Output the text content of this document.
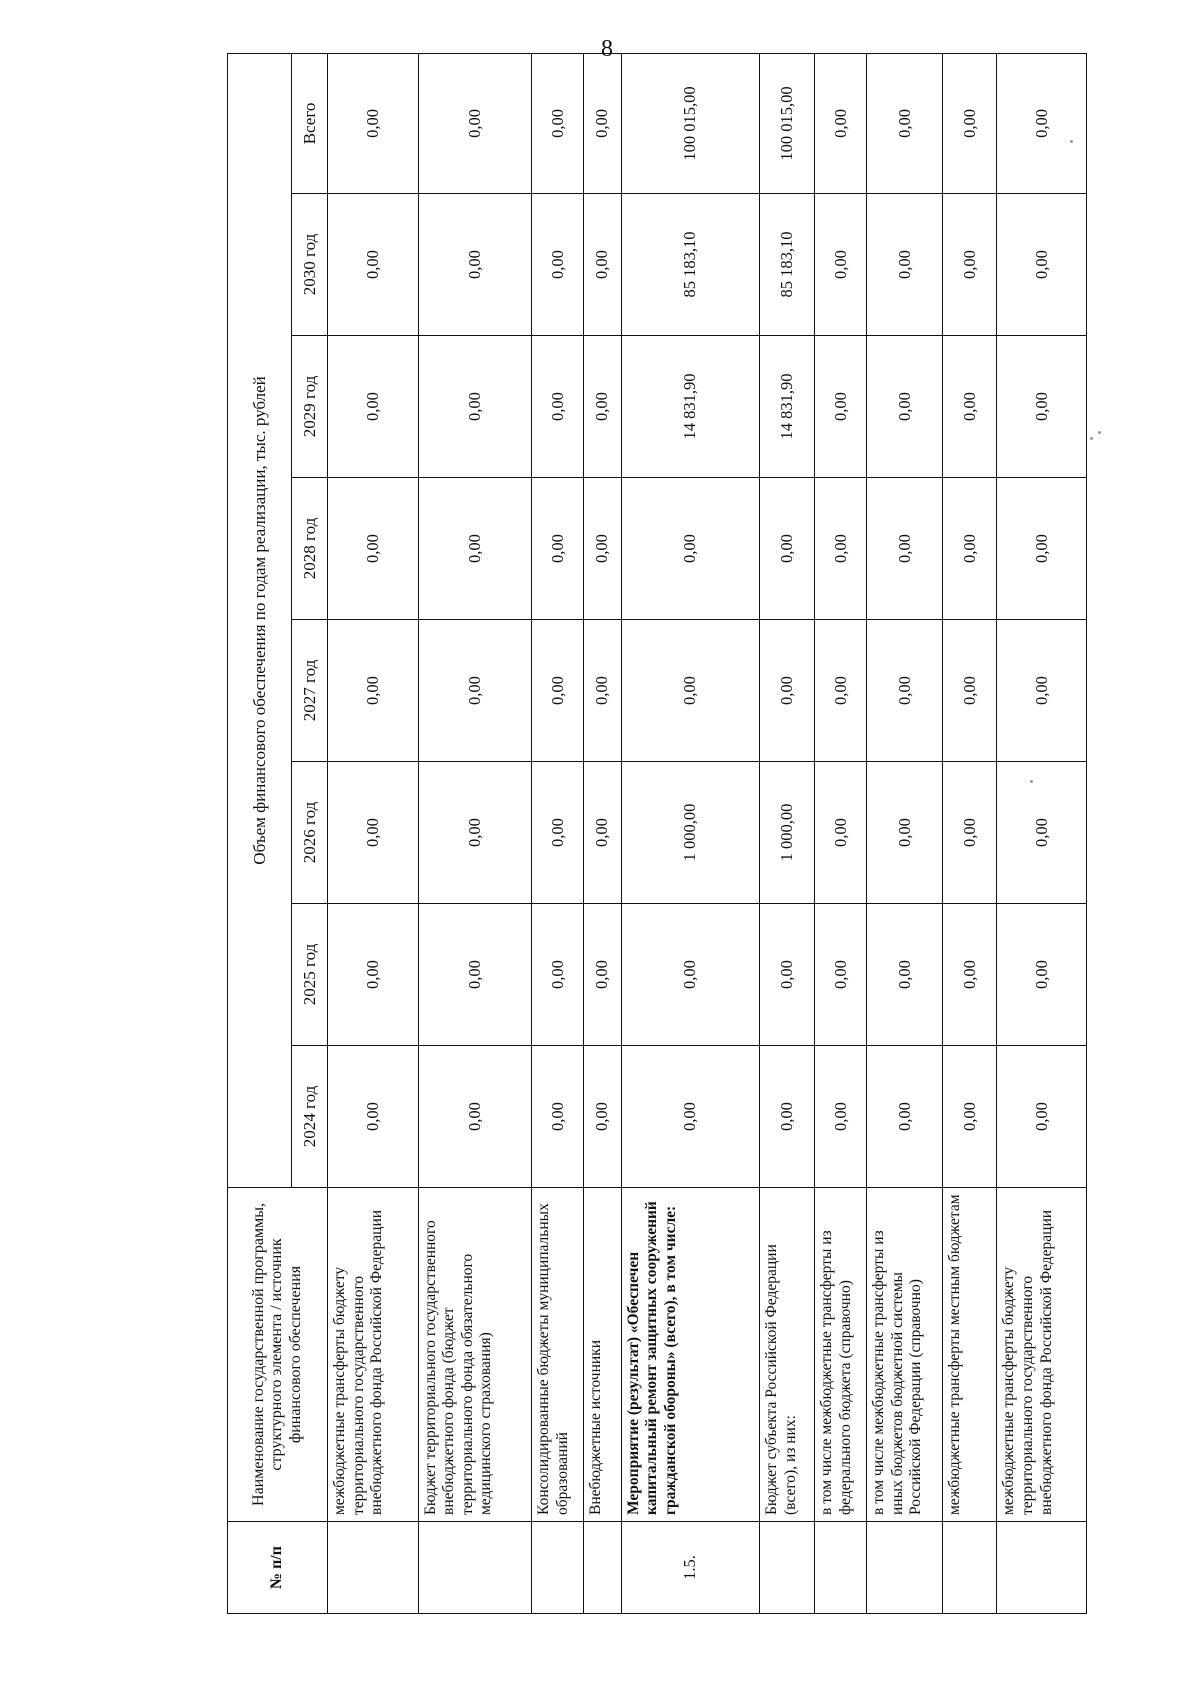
8
№ п/п	Наименование государственной программы, структурного элемента / источник финансового обеспечения	Объем финансового обеспечения по годам реализации, тыс. рублей							
		2024 год	2025 год	2026 год	2027 год	2028 год	2029 год	2030 год	Всего
	межбюджетные трансферты бюджету территориального государственного внебюджетного фонда Российской Федерации	0,00	0,00	0,00	0,00	0,00	0,00	0,00	0,00
	Бюджет территориального государственного внебюджетного фонда (бюджет территориального фонда обязательного медицинского страхования)	0,00	0,00	0,00	0,00	0,00	0,00	0,00	0,00
	Консолидированные бюджеты муниципальных образований	0,00	0,00	0,00	0,00	0,00	0,00	0,00	0,00
	Внебюджетные источники	0,00	0,00	0,00	0,00	0,00	0,00	0,00	0,00
1.5.	Мероприятие (результат) «Обеспечен капитальный ремонт защитных сооружений гражданской обороны» (всего), в том числе:	0,00	0,00	1 000,00	0,00	0,00	14 831,90	85 183,10	100 015,00
	Бюджет субъекта Российской Федерации (всего), из них:	0,00	0,00	1 000,00	0,00	0,00	14 831,90	85 183,10	100 015,00
	в том числе межбюджетные трансферты из федерального бюджета (справочно)	0,00	0,00	0,00	0,00	0,00	0,00	0,00	0,00
	в том числе межбюджетные трансферты из иных бюджетов бюджетной системы Российской Федерации (справочно)	0,00	0,00	0,00	0,00	0,00	0,00	0,00	0,00
	межбюджетные трансферты местным бюджетам	0,00	0,00	0,00	0,00	0,00	0,00	0,00	0,00
	межбюджетные трансферты бюджету территориального государственного внебюджетного фонда Российской Федерации	0,00	0,00	0,00	0,00	0,00	0,00	0,00	0,00
